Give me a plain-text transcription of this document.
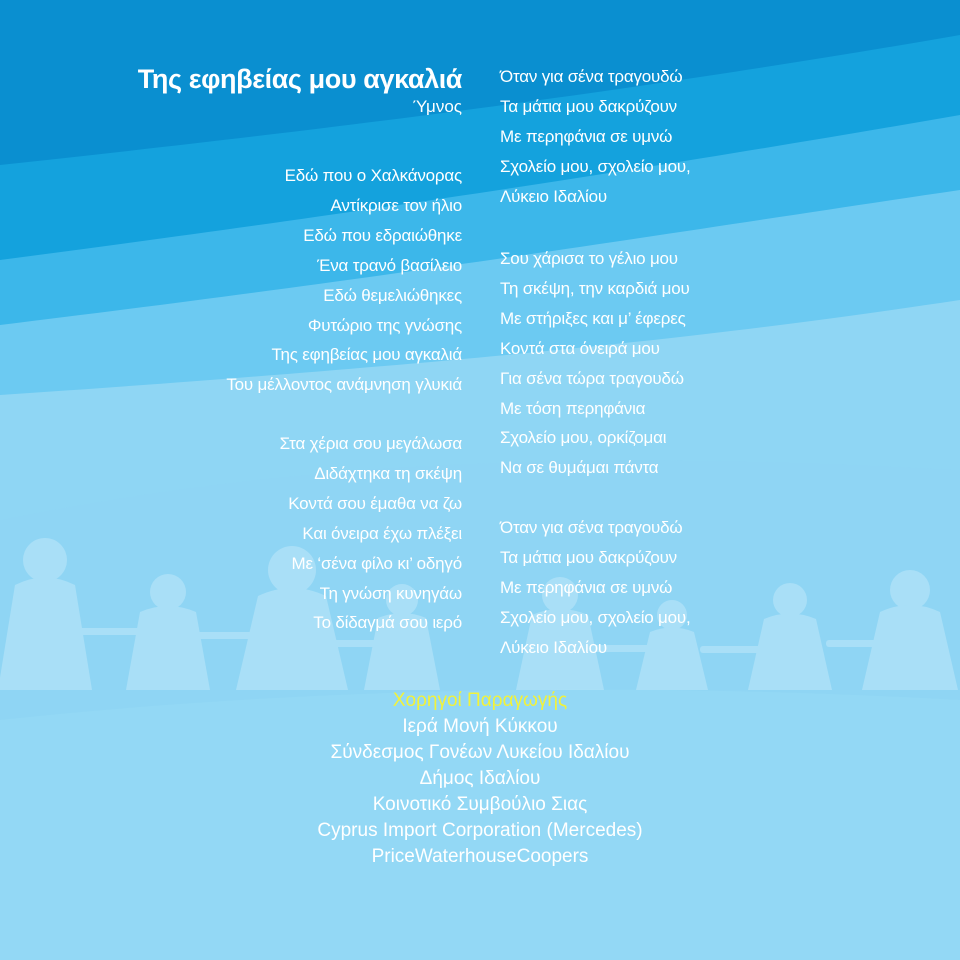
Της εφηβείας μου αγκαλιά
Ύμνος
Εδώ που ο Χαλκάνορας
Αντίκρισε τον ήλιο
Εδώ που εδραιώθηκε
Ένα τρανό βασίλειο
Εδώ θεμελιώθηκες
Φυτώριο της γνώσης
Της εφηβείας μου αγκαλιά
Του μέλλοντος ανάμνηση γλυκιά
Στα χέρια σου μεγάλωσα
Διδάχτηκα τη σκέψη
Κοντά σου έμαθα να ζω
Και όνειρα έχω πλέξει
Με ‘σένα φίλο κι’ οδηγό
Τη γνώση κυνηγάω
Το δίδαγμά σου ιερό
Όταν για σένα τραγουδώ
Τα μάτια μου δακρύζουν
Με περηφάνια σε υμνώ
Σχολείο μου, σχολείο μου,
Λύκειο Ιδαλίου
Σου χάρισα το γέλιο μου
Τη σκέψη, την καρδιά μου
Με στήριξες και μ’ έφερες
Κοντά στα όνειρά μου
Για σένα τώρα τραγουδώ
Με τόση περηφάνια
Σχολείο μου, ορκίζομαι
Να σε θυμάμαι πάντα
Όταν για σένα τραγουδώ
Τα μάτια μου δακρύζουν
Με περηφάνια σε υμνώ
Σχολείο μου, σχολείο μου,
Λύκειο Ιδαλίου
Χορηγοί Παραγωγής
Ιερά Μονή Κύκκου
Σύνδεσμος Γονέων Λυκείου Ιδαλίου
Δήμος Ιδαλίου
Κοινοτικό Συμβούλιο Σιας
Cyprus Import Corporation (Mercedes)
PriceWaterhouseCoopers
